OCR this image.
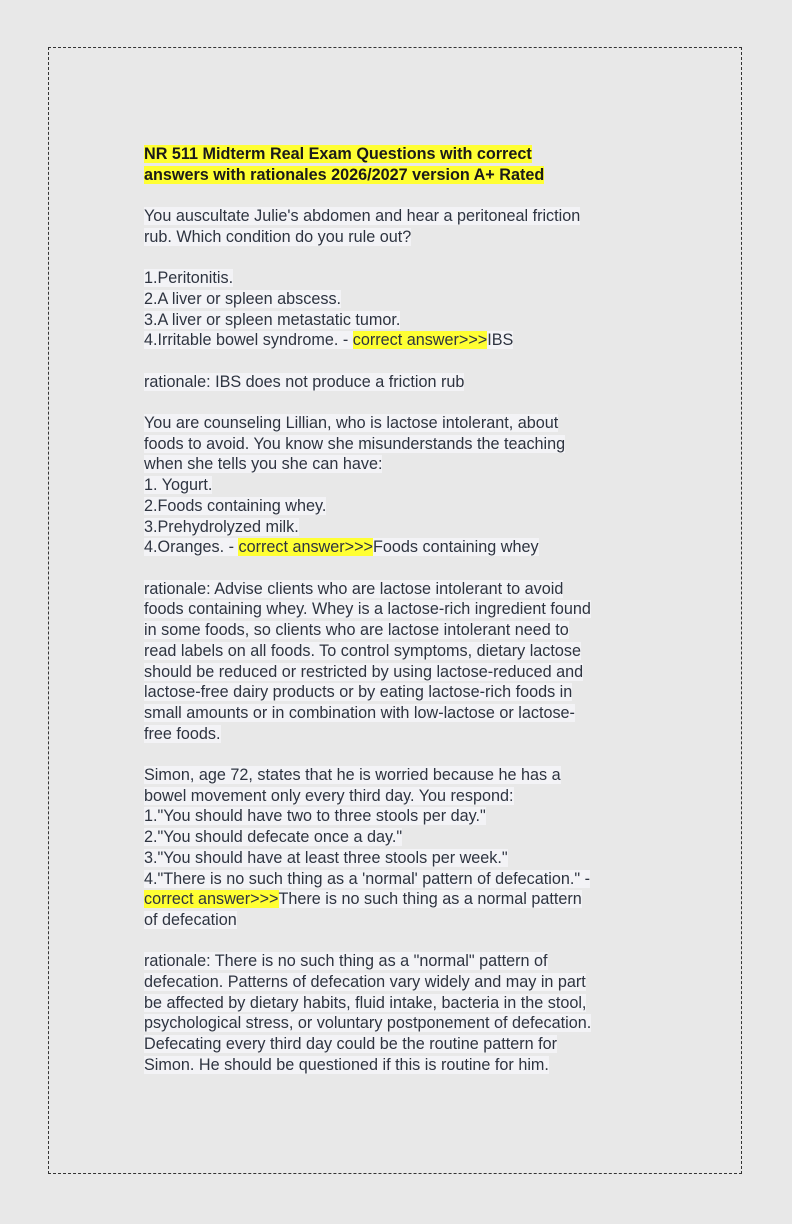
NR 511 Midterm Real Exam Questions with correct
answers with rationales 2026/2027 version A+ Rated
You auscultate Julie's abdomen and hear a peritoneal friction
rub. Which condition do you rule out?
1.Peritonitis.
2.A liver or spleen abscess.
3.A liver or spleen metastatic tumor.
4.Irritable bowel syndrome. - correct answer>>>IBS
rationale: IBS does not produce a friction rub
You are counseling Lillian, who is lactose intolerant, about
foods to avoid. You know she misunderstands the teaching
when she tells you she can have:
1. Yogurt.
2.Foods containing whey.
3.Prehydrolyzed milk.
4.Oranges. - correct answer>>>Foods containing whey
rationale: Advise clients who are lactose intolerant to avoid
foods containing whey. Whey is a lactose-rich ingredient found
in some foods, so clients who are lactose intolerant need to
read labels on all foods. To control symptoms, dietary lactose
should be reduced or restricted by using lactose-reduced and
lactose-free dairy products or by eating lactose-rich foods in
small amounts or in combination with low-lactose or lactose-
free foods.
Simon, age 72, states that he is worried because he has a
bowel movement only every third day. You respond:
1."You should have two to three stools per day."
2."You should defecate once a day."
3."You should have at least three stools per week."
4."There is no such thing as a 'normal' pattern of defecation." -
correct answer>>>There is no such thing as a normal pattern
of defecation
rationale: There is no such thing as a "normal" pattern of
defecation. Patterns of defecation vary widely and may in part
be affected by dietary habits, fluid intake, bacteria in the stool,
psychological stress, or voluntary postponement of defecation.
Defecating every third day could be the routine pattern for
Simon. He should be questioned if this is routine for him.
